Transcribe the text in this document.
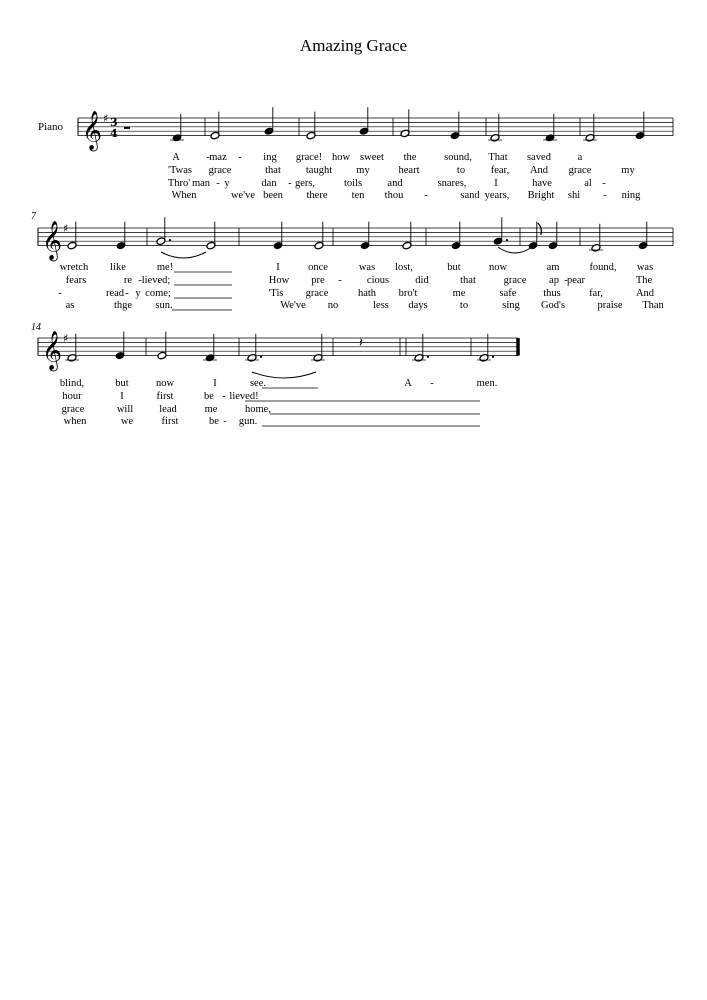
Amazing Grace
Piano
7
14
𝄞 ♯
𝄞 ♯
𝄞 ♯
3
4
𝄽
A	- maz - ing grace! how sweet the	sound, That saved	a
'Twas grace	that taught my	heart	to fear, And grace	my
Thro' man - y	dan - gers,	toils and	snares,	I	have	al -
When	we've been there ten thou -	sand years, Bright shi - ning
wretch like	me!	I	once	was lost,	but	now	am	found, was
fears	re - lieved;	How pre - cious did	that	grace ap - pear	The
-	read - y come;	'Tis grace	hath bro't	me	safe	thus	far,	And
as	thge sun.	We've no	less days	to	sing God's	praise Than
blind,	but	now	I	see.	A -	men.
hour	I	first	be - lieved!
grace	will lead	me	home,
when	we	first	be - gun.
